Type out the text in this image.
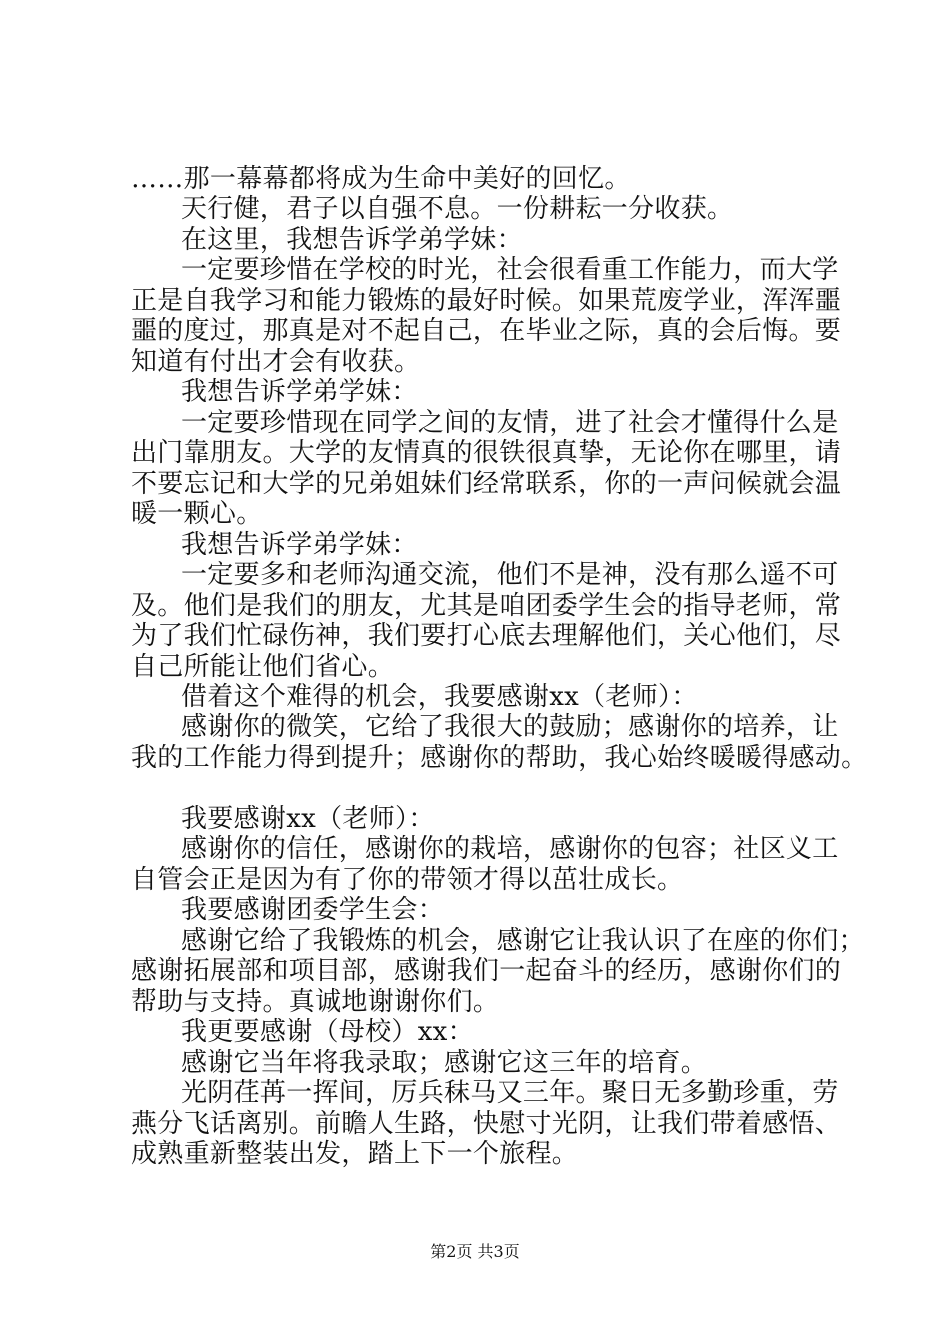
……那一幕幕都将成为生命中美好的回忆。
天行健，君子以自强不息。一份耕耘一分收获。
在这里，我想告诉学弟学妹：
一定要珍惜在学校的时光，社会很看重工作能力，而大学
正是自我学习和能力锻炼的最好时候。如果荒废学业，浑浑噩
噩的度过，那真是对不起自己，在毕业之际，真的会后悔。要
知道有付出才会有收获。
我想告诉学弟学妹：
一定要珍惜现在同学之间的友情，进了社会才懂得什么是
出门靠朋友。大学的友情真的很铁很真挚，无论你在哪里，请
不要忘记和大学的兄弟姐妹们经常联系，你的一声问候就会温
暖一颗心。
我想告诉学弟学妹：
一定要多和老师沟通交流，他们不是神，没有那么遥不可
及。他们是我们的朋友，尤其是咱团委学生会的指导老师，常
为了我们忙碌伤神，我们要打心底去理解他们，关心他们，尽
自己所能让他们省心。
借着这个难得的机会，我要感谢xx（老师）：
感谢你的微笑，它给了我很大的鼓励；感谢你的培养，让
我的工作能力得到提升；感谢你的帮助，我心始终暖暖得感动。
我要感谢xx（老师）：
感谢你的信任，感谢你的栽培，感谢你的包容；社区义工
自管会正是因为有了你的带领才得以茁壮成长。
我要感谢团委学生会：
感谢它给了我锻炼的机会，感谢它让我认识了在座的你们；
感谢拓展部和项目部，感谢我们一起奋斗的经历，感谢你们的
帮助与支持。真诚地谢谢你们。
我更要感谢（母校）xx：
感谢它当年将我录取；感谢它这三年的培育。
光阴荏苒一挥间，厉兵秣马又三年。聚日无多勤珍重，劳
燕分飞话离别。前瞻人生路，快慰寸光阴，让我们带着感悟、
成熟重新整装出发，踏上下一个旅程。
第2页 共3页
